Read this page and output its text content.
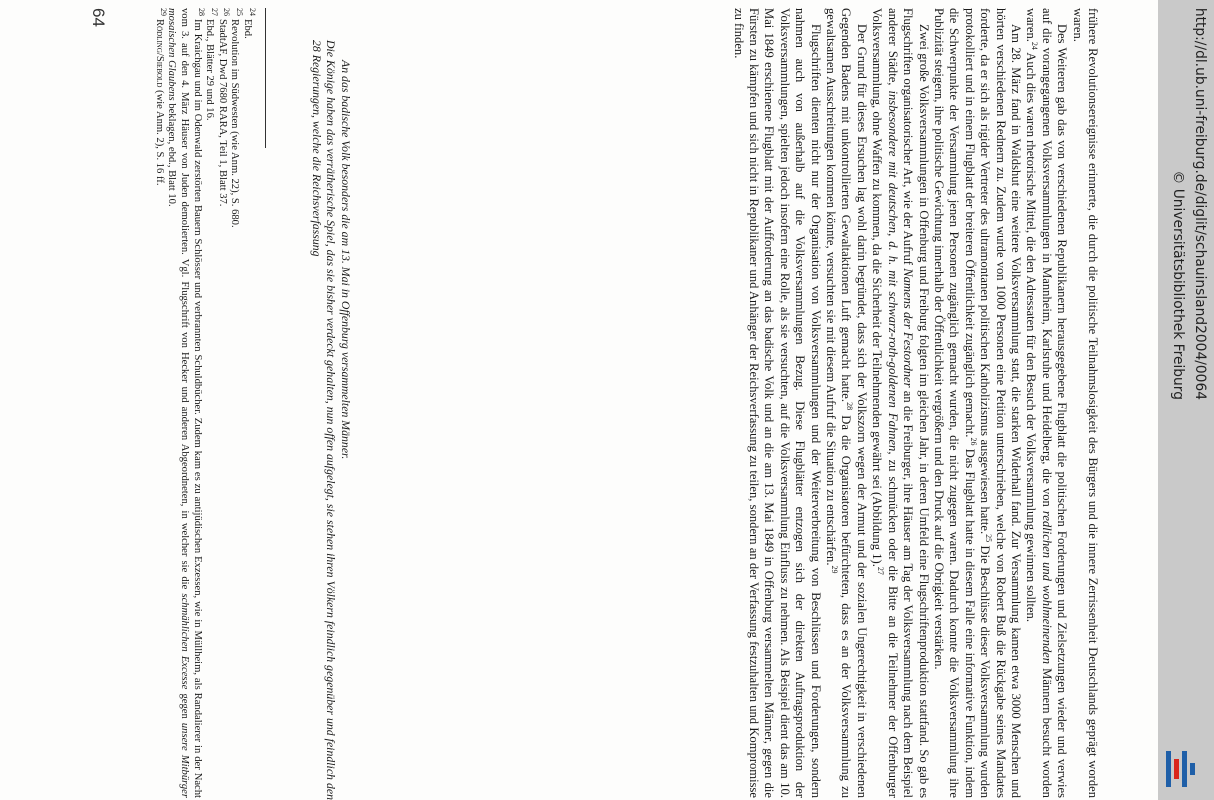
frühere Revolutionsereignisse erinnerte, die durch die politische Teilnahmslosigkeit des Bürgers und die innere Zerrissenheit Deutschlands geprägt worden waren.

Des Weiteren gab das von verschiedenen Republikanern herausgegebene Flugblatt die politischen Forderungen und Zielsetzungen wieder und verwies auf die vorangegangenen Volksversammlungen in Mannheim, Karlsruhe und Heidelberg, die von redlichen und wohlmeinenden Männern besucht worden waren.$^{24}$ Auch dies waren rhetorische Mittel, die den Adressaten für den Besuch der Volksversammlung gewinnen sollten.

Am 28. März fand in Waldshut eine weitere Volksversammlung statt, die starken Widerhall fand. Zur Versammlung kamen etwa 3000 Menschen und hörten verschiedenen Rednern zu. Zudem wurde von 1000 Personen eine Petition unterschrieben, welche von Robert Buß die Rückgabe seines Mandates forderte, da er sich als rigider Vertreter des ultramontanen politischen Katholizismus ausgewiesen hatte.$^{25}$ Die Beschlüsse dieser Volksversammlung wurden protokolliert und in einem Flugblatt der breiteren Öffentlichkeit zugänglich gemacht.$^{26}$ Das Flugblatt hatte in diesem Falle eine informative Funktion, indem die Schwerpunkte der Versammlung jenen Personen zugänglich gemacht wurden, die nicht zugegen waren. Dadurch konnte die Volksversammlung ihre Publizität steigern, ihre politische Gewichtung innerhalb der Öffentlichkeit vergrößern und den Druck auf die Obrigkeit verstärken.

Zwei große Volksversammlungen in Offenburg und Freiburg folgten im gleichen Jahr, in deren Umfeld eine Flugschriftenproduktion stattfand. So gab es Flugschriften organisatorischer Art, wie der Aufruf Namens der Festordner an die Freiburger, ihre Häuser am Tag der Volksversammlung nach dem Beispiel anderer Städte, insbesondere mit deutschen, d. h. mit schwarz-roth-goldenen Fahnen, zu schmücken oder die Bitte an die Teilnehmer der Offenburger Volksversammlung, ohne Waffen zu kommen, da die Sicherheit der Teilnehmenden gewährt sei (Abbildung 1).$^{27}$

Der Grund für dieses Ersuchen lag wohl darin begründet, dass sich der Volkszorn wegen der Armut und der sozialen Ungerechtigkeit in verschiedenen Gegenden Badens mit unkontrollierten Gewaltaktionen Luft gemacht hatte.$^{28}$ Da die Organisatoren befürchteten, dass es an der Volksversammlung zu gewaltsamen Ausschreitungen kommen könnte, versuchten sie mit diesem Aufruf die Situation zu entschärfen.$^{29}$

Flugschriften dienten nicht nur der Organisation von Volksversammlungen und der Weiterverbreitung von Beschlüssen und Forderungen, sondern nahmen auch von außerhalb auf die Volksversammlungen Bezug. Diese Flugblätter entzogen sich der direkten Auftragsproduktion der Volksversammlungen, spielten jedoch insofern eine Rolle, als sie versuchten, auf die Volksversammlung Einfluss zu nehmen. Als Beispiel dient das am 10. Mai 1849 erschienene Flugblatt mit der Aufforderung an das badische Volk und an die am 13. Mai 1849 in Offenburg versammelten Männer, gegen die Fürsten zu kämpfen und sich nicht in Republikaner und Anhänger der Reichsverfassung zu teilen, sondern an der Verfassung festzuhalten und Kompromisse zu finden.

An das badische Volk besonders die am 13. Mai in Offenburg versammelten Männer.

Die Könige haben das verrätherische Spiel, das sie bisher verdeckt gehalten, nun offen aufgelegt, sie stehen ihren Völkern feindlich gegenüber und feindlich den 28 Regierungen, welche die Reichsverfassung

$^{24}$Ebd.

$^{25}$Revolution im Südwesten (wie Anm. 22), S. 680.

$^{26}$StadtAF, Dwd 7680 RARA, Teil 1, Blatt 37.

$^{27}$Ebd., Blätter 29 und 16.

$^{28}$Im Kraichgau und im Odenwald zerstörten Bauern Schlösser und verbrannten Schuldbücher. Zudem kam es zu antijüdischen Exzessen, wie in Müllheim, als Randalierer in der Nacht vom 3. auf den 4. März Häuser von Juden demolierten. Vgl. Flugschrift von Hecker und anderen Abgeordneten, in welcher sie die schmählichen Excesse gegen unsere Mitbürger mosaischen Glaubens beklagen, ebd., Blatt 10.

$^{29}$Rödling/Siebold (wie Anm. 2), S. 16 ff.

64	http://dl.ub.uni-freiburg.de/diglit/schauinsland2004/0064
© Universitätsbibliothek Freiburg
